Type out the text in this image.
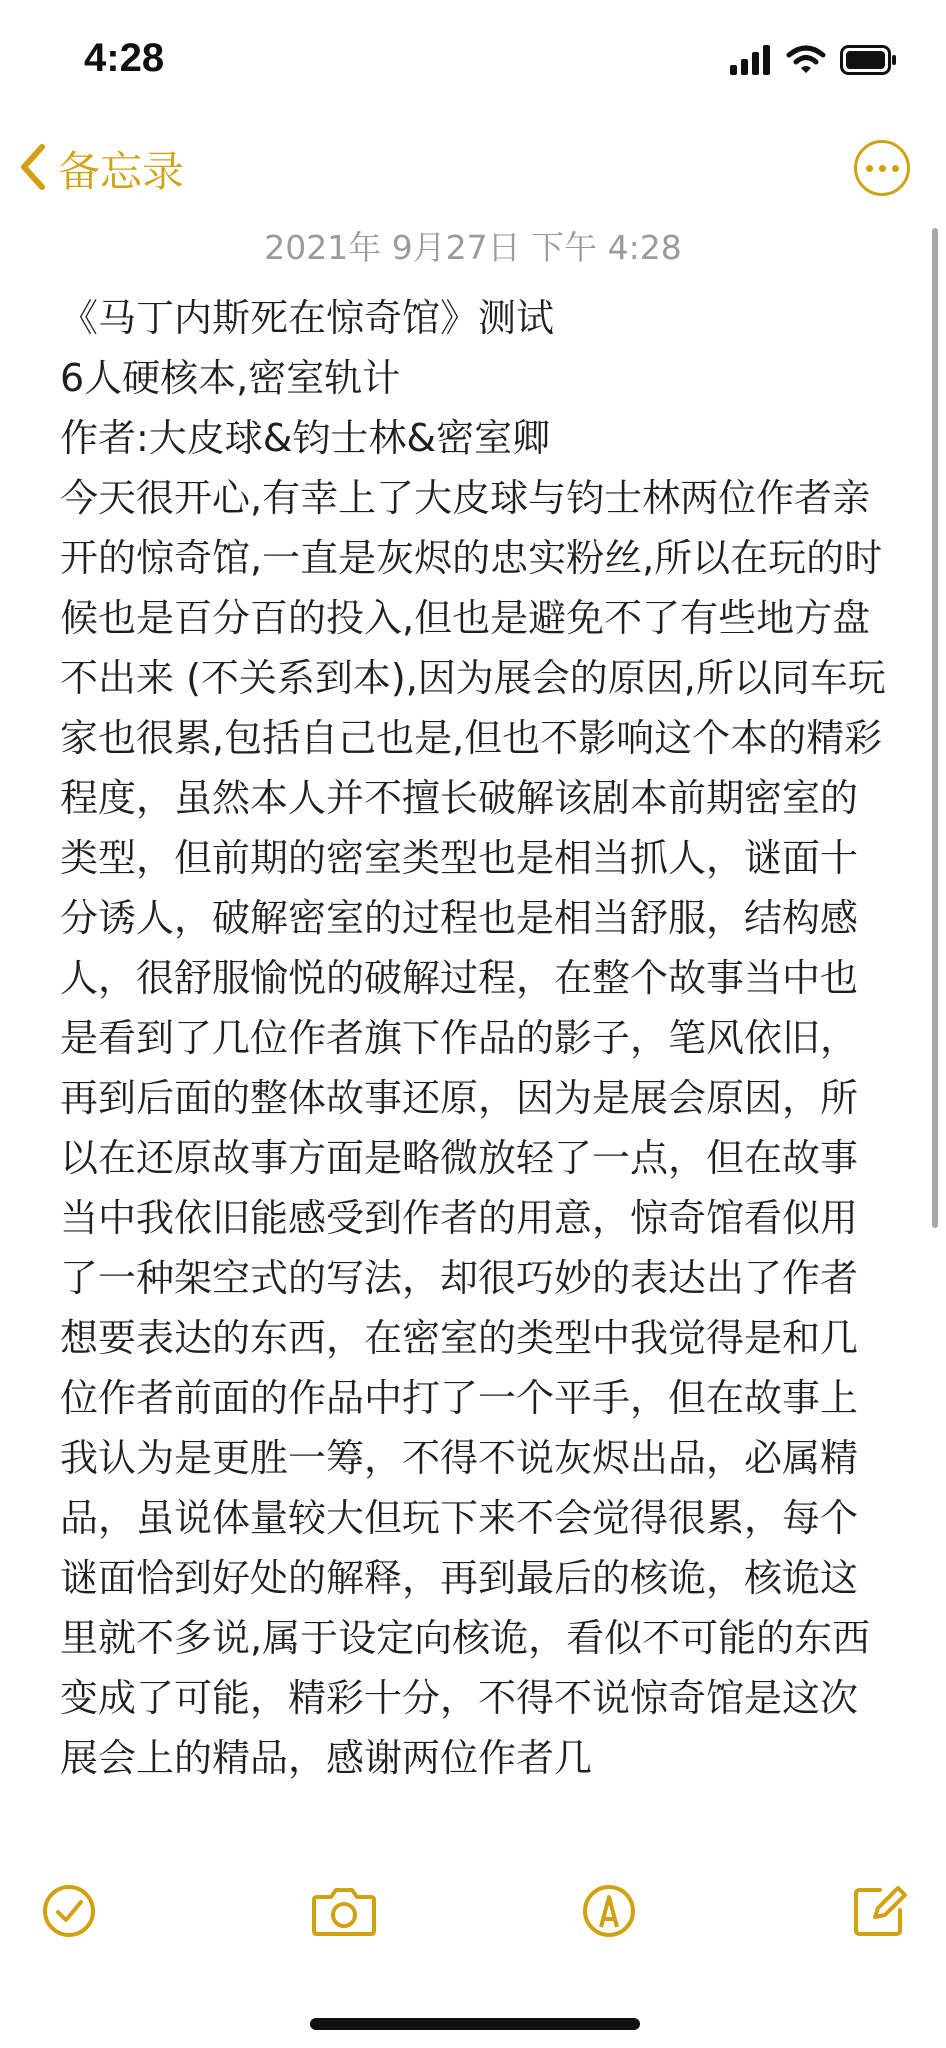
4:28
备忘录
2021年 9月27日 下午 4:28
《马丁内斯死在惊奇馆》测试
6人硬核本,密室轨计
作者:大皮球&钧士林&密室卿
今天很开心,有幸上了大皮球与钧士林两位作者亲开的惊奇馆,一直是灰烬的忠实粉丝,所以在玩的时候也是百分百的投入,但也是避免不了有些地方盘不出来 (不关系到本),因为展会的原因,所以同车玩家也很累,包括自己也是,但也不影响这个本的精彩程度，虽然本人并不擅长破解该剧本前期密室的类型，但前期的密室类型也是相当抓人，谜面十分诱人，破解密室的过程也是相当舒服，结构感人，很舒服愉悦的破解过程，在整个故事当中也是看到了几位作者旗下作品的影子，笔风依旧，再到后面的整体故事还原，因为是展会原因，所以在还原故事方面是略微放轻了一点，但在故事当中我依旧能感受到作者的用意，惊奇馆看似用了一种架空式的写法，却很巧妙的表达出了作者想要表达的东西，在密室的类型中我觉得是和几位作者前面的作品中打了一个平手，但在故事上我认为是更胜一筹，不得不说灰烬出品，必属精品，虽说体量较大但玩下来不会觉得很累，每个谜面恰到好处的解释，再到最后的核诡，核诡这里就不多说,属于设定向核诡，看似不可能的东西变成了可能，精彩十分，不得不说惊奇馆是这次展会上的精品，感谢两位作者几
